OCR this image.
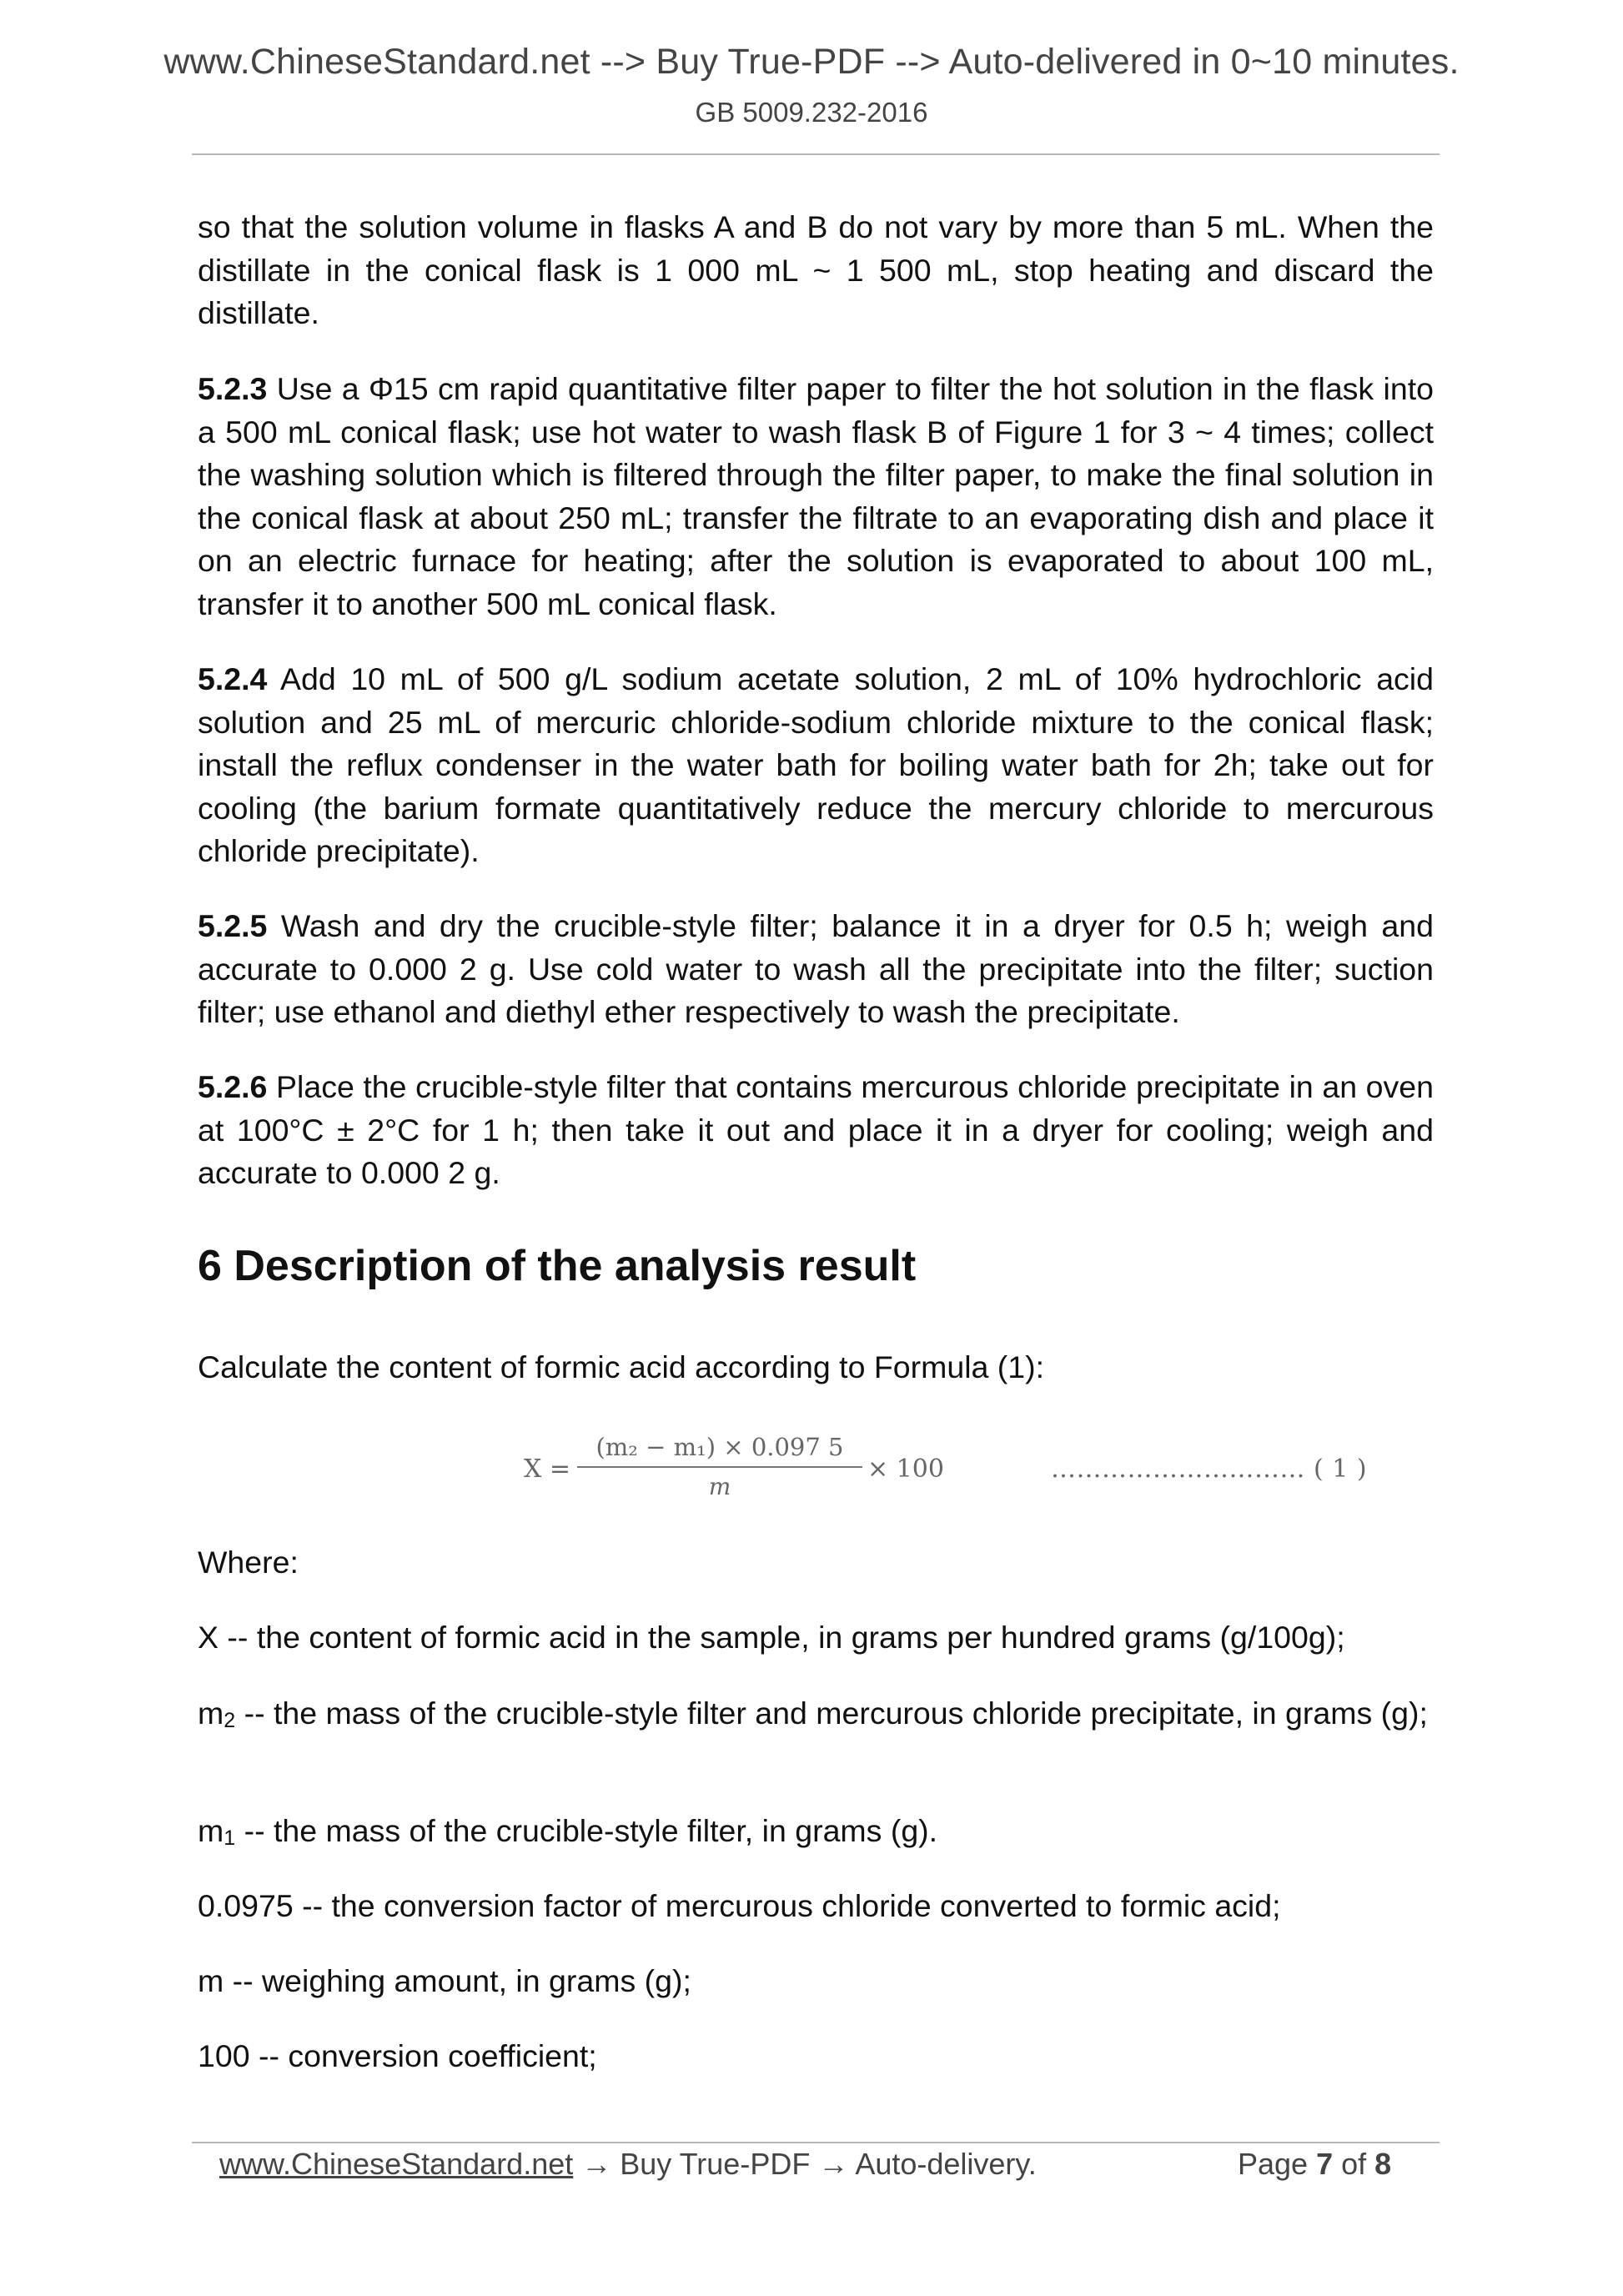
www.ChineseStandard.net --> Buy True-PDF --> Auto-delivered in 0~10 minutes.
GB 5009.232-2016

so that the solution volume in flasks A and B do not vary by more than 5 mL. When the distillate in the conical flask is 1 000 mL ~ 1 500 mL, stop heating and discard the distillate.

5.2.3 Use a Φ15 cm rapid quantitative filter paper to filter the hot solution in the flask into a 500 mL conical flask; use hot water to wash flask B of Figure 1 for 3 ~ 4 times; collect the washing solution which is filtered through the filter paper, to make the final solution in the conical flask at about 250 mL; transfer the filtrate to an evaporating dish and place it on an electric furnace for heating; after the solution is evaporated to about 100 mL, transfer it to another 500 mL conical flask.

5.2.4 Add 10 mL of 500 g/L sodium acetate solution, 2 mL of 10% hydrochloric acid solution and 25 mL of mercuric chloride-sodium chloride mixture to the conical flask; install the reflux condenser in the water bath for boiling water bath for 2h; take out for cooling (the barium formate quantitatively reduce the mercury chloride to mercurous chloride precipitate).

5.2.5 Wash and dry the crucible-style filter; balance it in a dryer for 0.5 h; weigh and accurate to 0.000 2 g. Use cold water to wash all the precipitate into the filter; suction filter; use ethanol and diethyl ether respectively to wash the precipitate.

5.2.6 Place the crucible-style filter that contains mercurous chloride precipitate in an oven at 100°C ± 2°C for 1 h; then take it out and place it in a dryer for cooling; weigh and accurate to 0.000 2 g.

6 Description of the analysis result

Calculate the content of formic acid according to Formula (1):

X =
(m₂ − m₁) × 0.097 5
m
× 100	………………………… ( 1 )
Where:
X -- the content of formic acid in the sample, in grams per hundred grams (g/100g);
$m_2$ -- the mass of the crucible-style filter and mercurous chloride precipitate, in grams (g);
$m_1$ -- the mass of the crucible-style filter, in grams (g).
0.0975 -- the conversion factor of mercurous chloride converted to formic acid;
m -- weighing amount, in grams (g);
100 -- conversion coefficient;
www.ChineseStandard.net → Buy True-PDF → Auto-delivery.	Page 7 of 8
